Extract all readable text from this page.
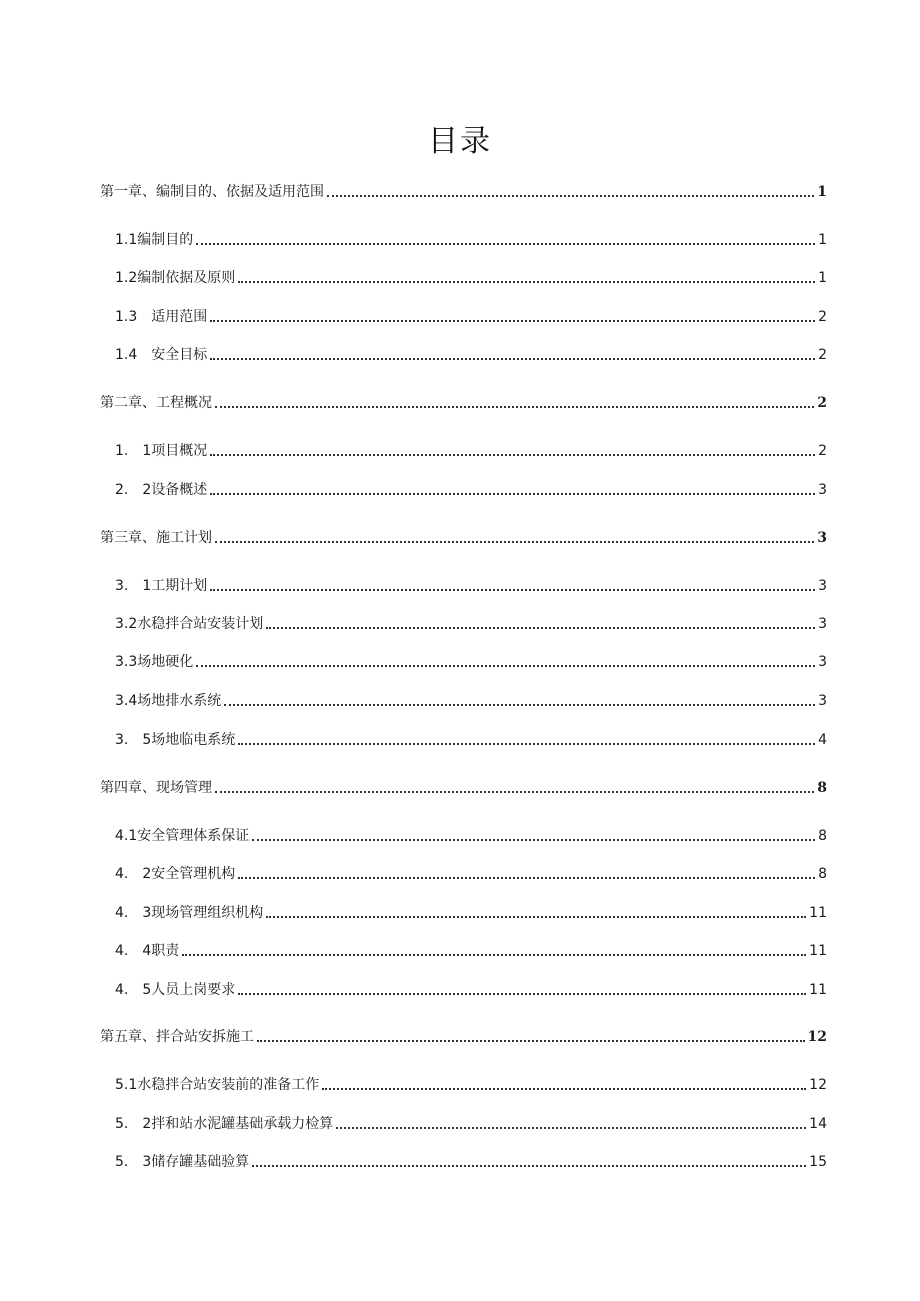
目录
第一章、编制目的、依据及适用范围	1
1.1编制目的	1
1.2编制依据及原则	1
1.3　适用范围	2
1.4　安全目标	2
第二章、工程概况	2
1.　1项目概况	2
2.　2设备概述	3
第三章、施工计划	3
3.　1工期计划	3
3.2水稳拌合站安装计划	3
3.3场地硬化	3
3.4场地排水系统	3
3.　5场地临电系统	4
第四章、现场管理	8
4.1安全管理体系保证	8
4.　2安全管理机构	8
4.　3现场管理组织机构	11
4.　4职责	11
4.　5人员上岗要求	11
第五章、拌合站安拆施工	12
5.1水稳拌合站安装前的准备工作	12
5.　2拌和站水泥罐基础承载力检算	14
5.　3储存罐基础验算	15
